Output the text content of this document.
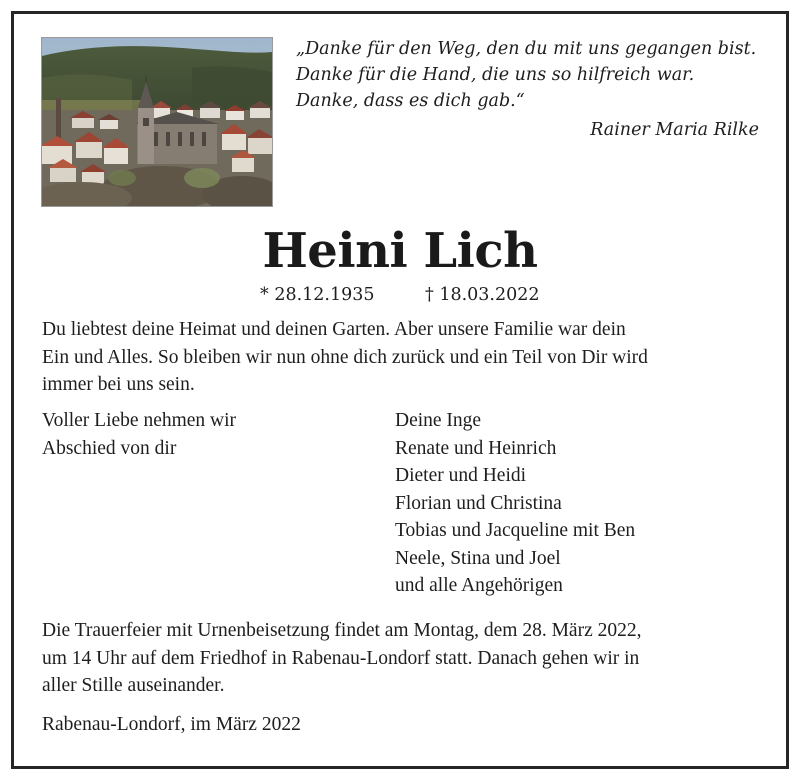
„Danke für den Weg, den du mit uns gegangen bist.
Danke für die Hand, die uns so hilfreich war.
Danke, dass es dich gab.“
Rainer Maria Rilke
Heini Lich
* 28.12.1935	† 18.03.2022
Du liebtest deine Heimat und deinen Garten. Aber unsere Familie war dein
Ein und Alles. So bleiben wir nun ohne dich zurück und ein Teil von Dir wird
immer bei uns sein.
Voller Liebe nehmen wir
Abschied von dir
Deine Inge
Renate und Heinrich
Dieter und Heidi
Florian und Christina
Tobias und Jacqueline mit Ben
Neele, Stina und Joel
und alle Angehörigen
Die Trauerfeier mit Urnenbeisetzung findet am Montag, dem 28. März 2022,
um 14 Uhr auf dem Friedhof in Rabenau-Londorf statt. Danach gehen wir in
aller Stille auseinander.
Rabenau-Londorf, im März 2022
